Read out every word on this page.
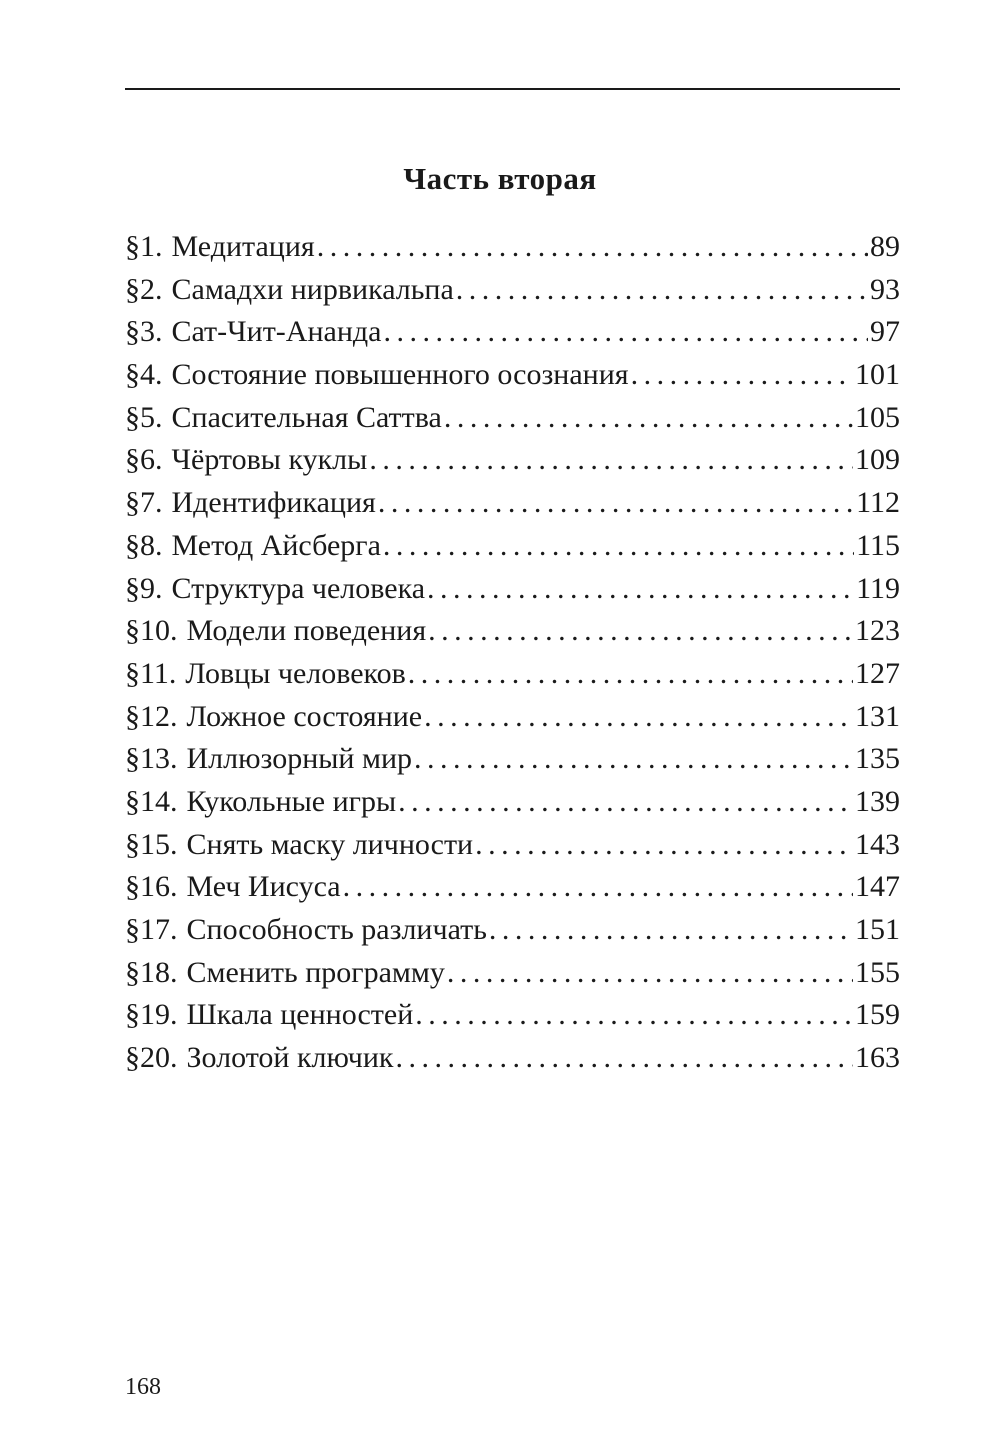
Часть вторая
§1. Медитация . . .	89
§2. Самадхи нирвикальпа . . .	93
§3. Сат-Чит-Ананда . . .	97
§4. Состояние повышенного осознания . . .	101
§5. Спасительная Саттва . . .	105
§6. Чёртовы куклы . . .	109
§7. Идентификация . . .	112
§8. Метод Айсберга . . .	115
§9. Структура человека . . .	119
§10. Модели поведения . . .	123
§11. Ловцы человеков . . .	127
§12. Ложное состояние . . .	131
§13. Иллюзорный мир . . .	135
§14. Кукольные игры . . .	139
§15. Снять маску личности . . .	143
§16. Меч Иисуса . . .	147
§17. Способность различать . . .	151
§18. Сменить программу . . .	155
§19. Шкала ценностей . . .	159
§20. Золотой ключик . . .	163
168
